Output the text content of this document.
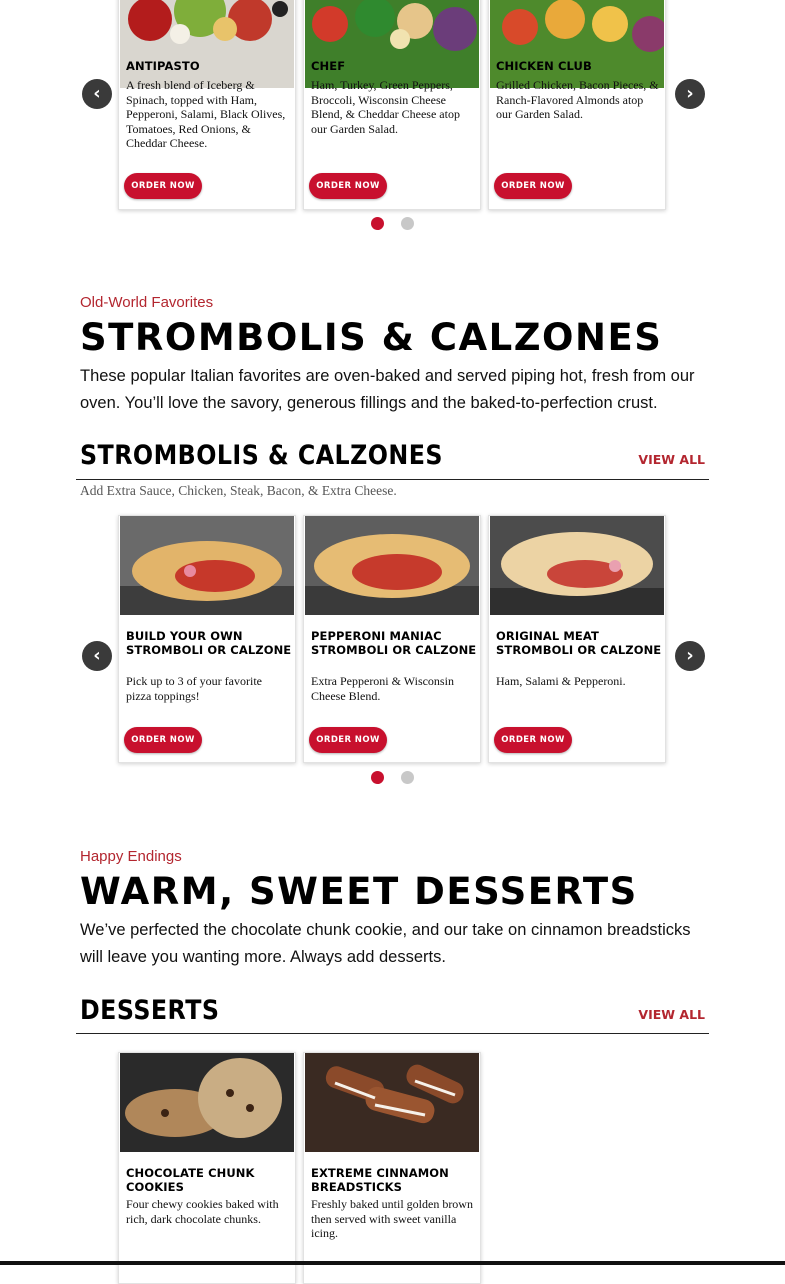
ANTIPASTO
A fresh blend of Iceberg & Spinach, topped with Ham, Pepperoni, Salami, Black Olives, Tomatoes, Red Onions, & Cheddar Cheese.
ORDER NOW
CHEF
Ham, Turkey, Green Peppers, Broccoli, Wisconsin Cheese Blend, & Cheddar Cheese atop our Garden Salad.
ORDER NOW
CHICKEN CLUB
Grilled Chicken, Bacon Pieces, & Ranch-Flavored Almonds atop our Garden Salad.
ORDER NOW
‹	›
Old-World Favorites
STROMBOLIS & CALZONES
These popular Italian favorites are oven-baked and served piping hot, fresh from our oven. You’ll love the savory, generous fillings and the baked-to-perfection crust.
STROMBOLIS & CALZONES	VIEW ALL
Add Extra Sauce, Chicken, Steak, Bacon, & Extra Cheese.
BUILD YOUR OWN STROMBOLI OR CALZONE
Pick up to 3 of your favorite pizza toppings!
ORDER NOW
PEPPERONI MANIAC STROMBOLI OR CALZONE
Extra Pepperoni & Wisconsin Cheese Blend.
ORDER NOW
ORIGINAL MEAT STROMBOLI OR CALZONE
Ham, Salami & Pepperoni.
ORDER NOW
‹	›
Happy Endings
WARM, SWEET DESSERTS
We’ve perfected the chocolate chunk cookie, and our take on cinnamon breadsticks will leave you wanting more. Always add desserts.
DESSERTS	VIEW ALL
CHOCOLATE CHUNK COOKIES
Four chewy cookies baked with rich, dark chocolate chunks.
EXTREME CINNAMON BREADSTICKS
Freshly baked until golden brown then served with sweet vanilla icing.
